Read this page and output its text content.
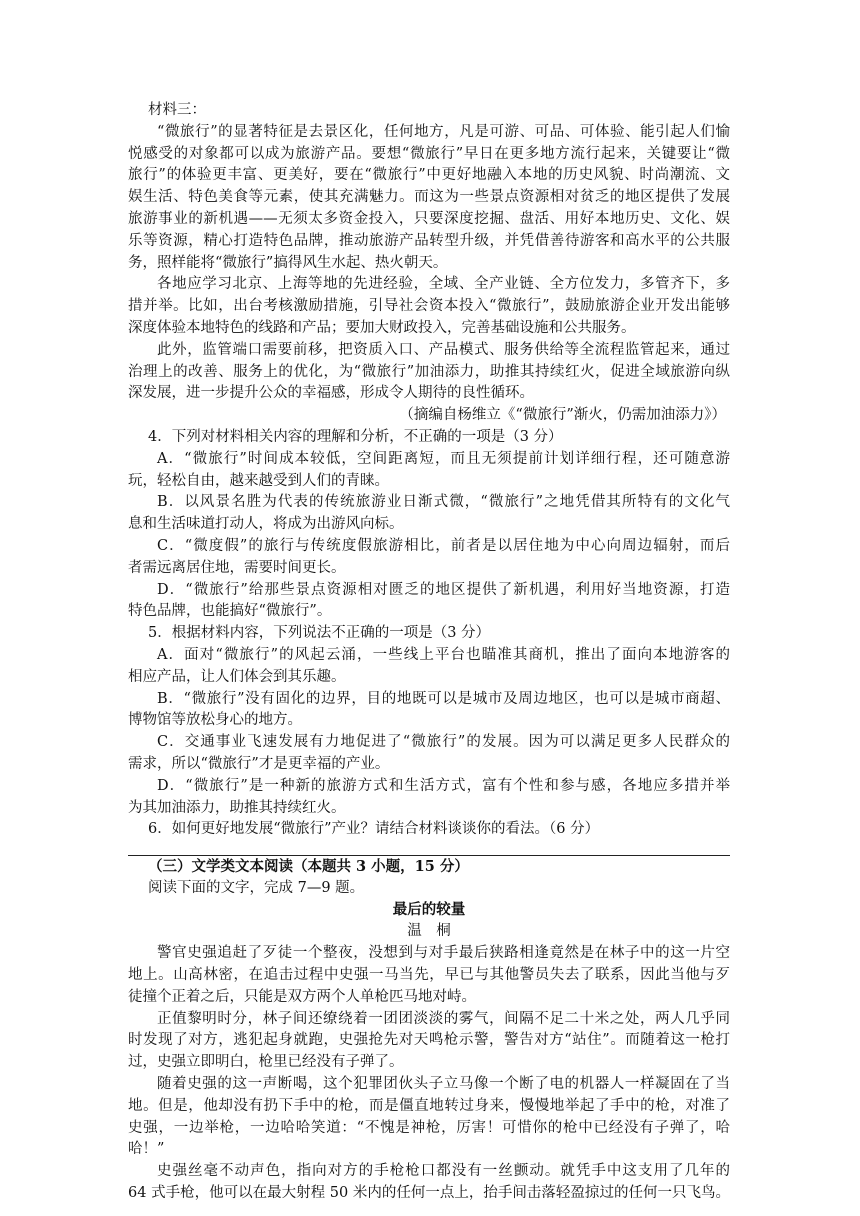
材料三：
“微旅行”的显著特征是去景区化，任何地方，凡是可游、可品、可体验、能引起人们愉
悦感受的对象都可以成为旅游产品。要想“微旅行”早日在更多地方流行起来，关键要让“微
旅行”的体验更丰富、更美好，要在“微旅行”中更好地融入本地的历史风貌、时尚潮流、文
娱生活、特色美食等元素，使其充满魅力。而这为一些景点资源相对贫乏的地区提供了发展
旅游事业的新机遇——无须太多资金投入，只要深度挖掘、盘活、用好本地历史、文化、娱
乐等资源，精心打造特色品牌，推动旅游产品转型升级，并凭借善待游客和高水平的公共服
务，照样能将“微旅行”搞得风生水起、热火朝天。
各地应学习北京、上海等地的先进经验，全域、全产业链、全方位发力，多管齐下，多
措并举。比如，出台考核激励措施，引导社会资本投入“微旅行”，鼓励旅游企业开发出能够
深度体验本地特色的线路和产品；要加大财政投入，完善基础设施和公共服务。
此外，监管端口需要前移，把资质入口、产品模式、服务供给等全流程监管起来，通过
治理上的改善、服务上的优化，为“微旅行”加油添力，助推其持续红火，促进全域旅游向纵
深发展，进一步提升公众的幸福感，形成令人期待的良性循环。
（摘编自杨维立《“微旅行”渐火，仍需加油添力》）
4．下列对材料相关内容的理解和分析，不正确的一项是（3 分）
A．“微旅行”时间成本较低，空间距离短，而且无须提前计划详细行程，还可随意游
玩，轻松自由，越来越受到人们的青睐。
B．以风景名胜为代表的传统旅游业日渐式微，“微旅行”之地凭借其所特有的文化气
息和生活味道打动人，将成为出游风向标。
C．“微度假”的旅行与传统度假旅游相比，前者是以居住地为中心向周边辐射，而后
者需远离居住地，需要时间更长。
D．“微旅行”给那些景点资源相对匮乏的地区提供了新机遇，利用好当地资源，打造
特色品牌，也能搞好“微旅行”。
5．根据材料内容，下列说法不正确的一项是（3 分）
A．面对“微旅行”的风起云涌，一些线上平台也瞄准其商机，推出了面向本地游客的
相应产品，让人们体会到其乐趣。
B．“微旅行”没有固化的边界，目的地既可以是城市及周边地区，也可以是城市商超、
博物馆等放松身心的地方。
C．交通事业飞速发展有力地促进了“微旅行”的发展。因为可以满足更多人民群众的
需求，所以“微旅行”才是更幸福的产业。
D．“微旅行”是一种新的旅游方式和生活方式，富有个性和参与感，各地应多措并举
为其加油添力，助推其持续红火。
6．如何更好地发展“微旅行”产业？请结合材料谈谈你的看法。（6 分）
（三）文学类文本阅读（本题共 3 小题，15 分）
阅读下面的文字，完成 7—9 题。
最后的较量
温　桐
警官史强追赶了歹徒一个整夜，没想到与对手最后狭路相逢竟然是在林子中的这一片空
地上。山高林密，在追击过程中史强一马当先，早已与其他警员失去了联系，因此当他与歹
徒撞个正着之后，只能是双方两个人单枪匹马地对峙。
正值黎明时分，林子间还缭绕着一团团淡淡的雾气，间隔不足二十米之处，两人几乎同
时发现了对方，逃犯起身就跑，史强抢先对天鸣枪示警，警告对方“站住”。而随着这一枪打
过，史强立即明白，枪里已经没有子弹了。
随着史强的这一声断喝，这个犯罪团伙头子立马像一个断了电的机器人一样凝固在了当
地。但是，他却没有扔下手中的枪，而是僵直地转过身来，慢慢地举起了手中的枪，对准了
史强，一边举枪，一边哈哈笑道：“不愧是神枪，厉害！可惜你的枪中已经没有子弹了，哈
哈！”
史强丝毫不动声色，指向对方的手枪枪口都没有一丝颤动。就凭手中这支用了几年的
64 式手枪，他可以在最大射程 50 米内的任何一点上，抬手间击落轻盈掠过的任何一只飞鸟。
